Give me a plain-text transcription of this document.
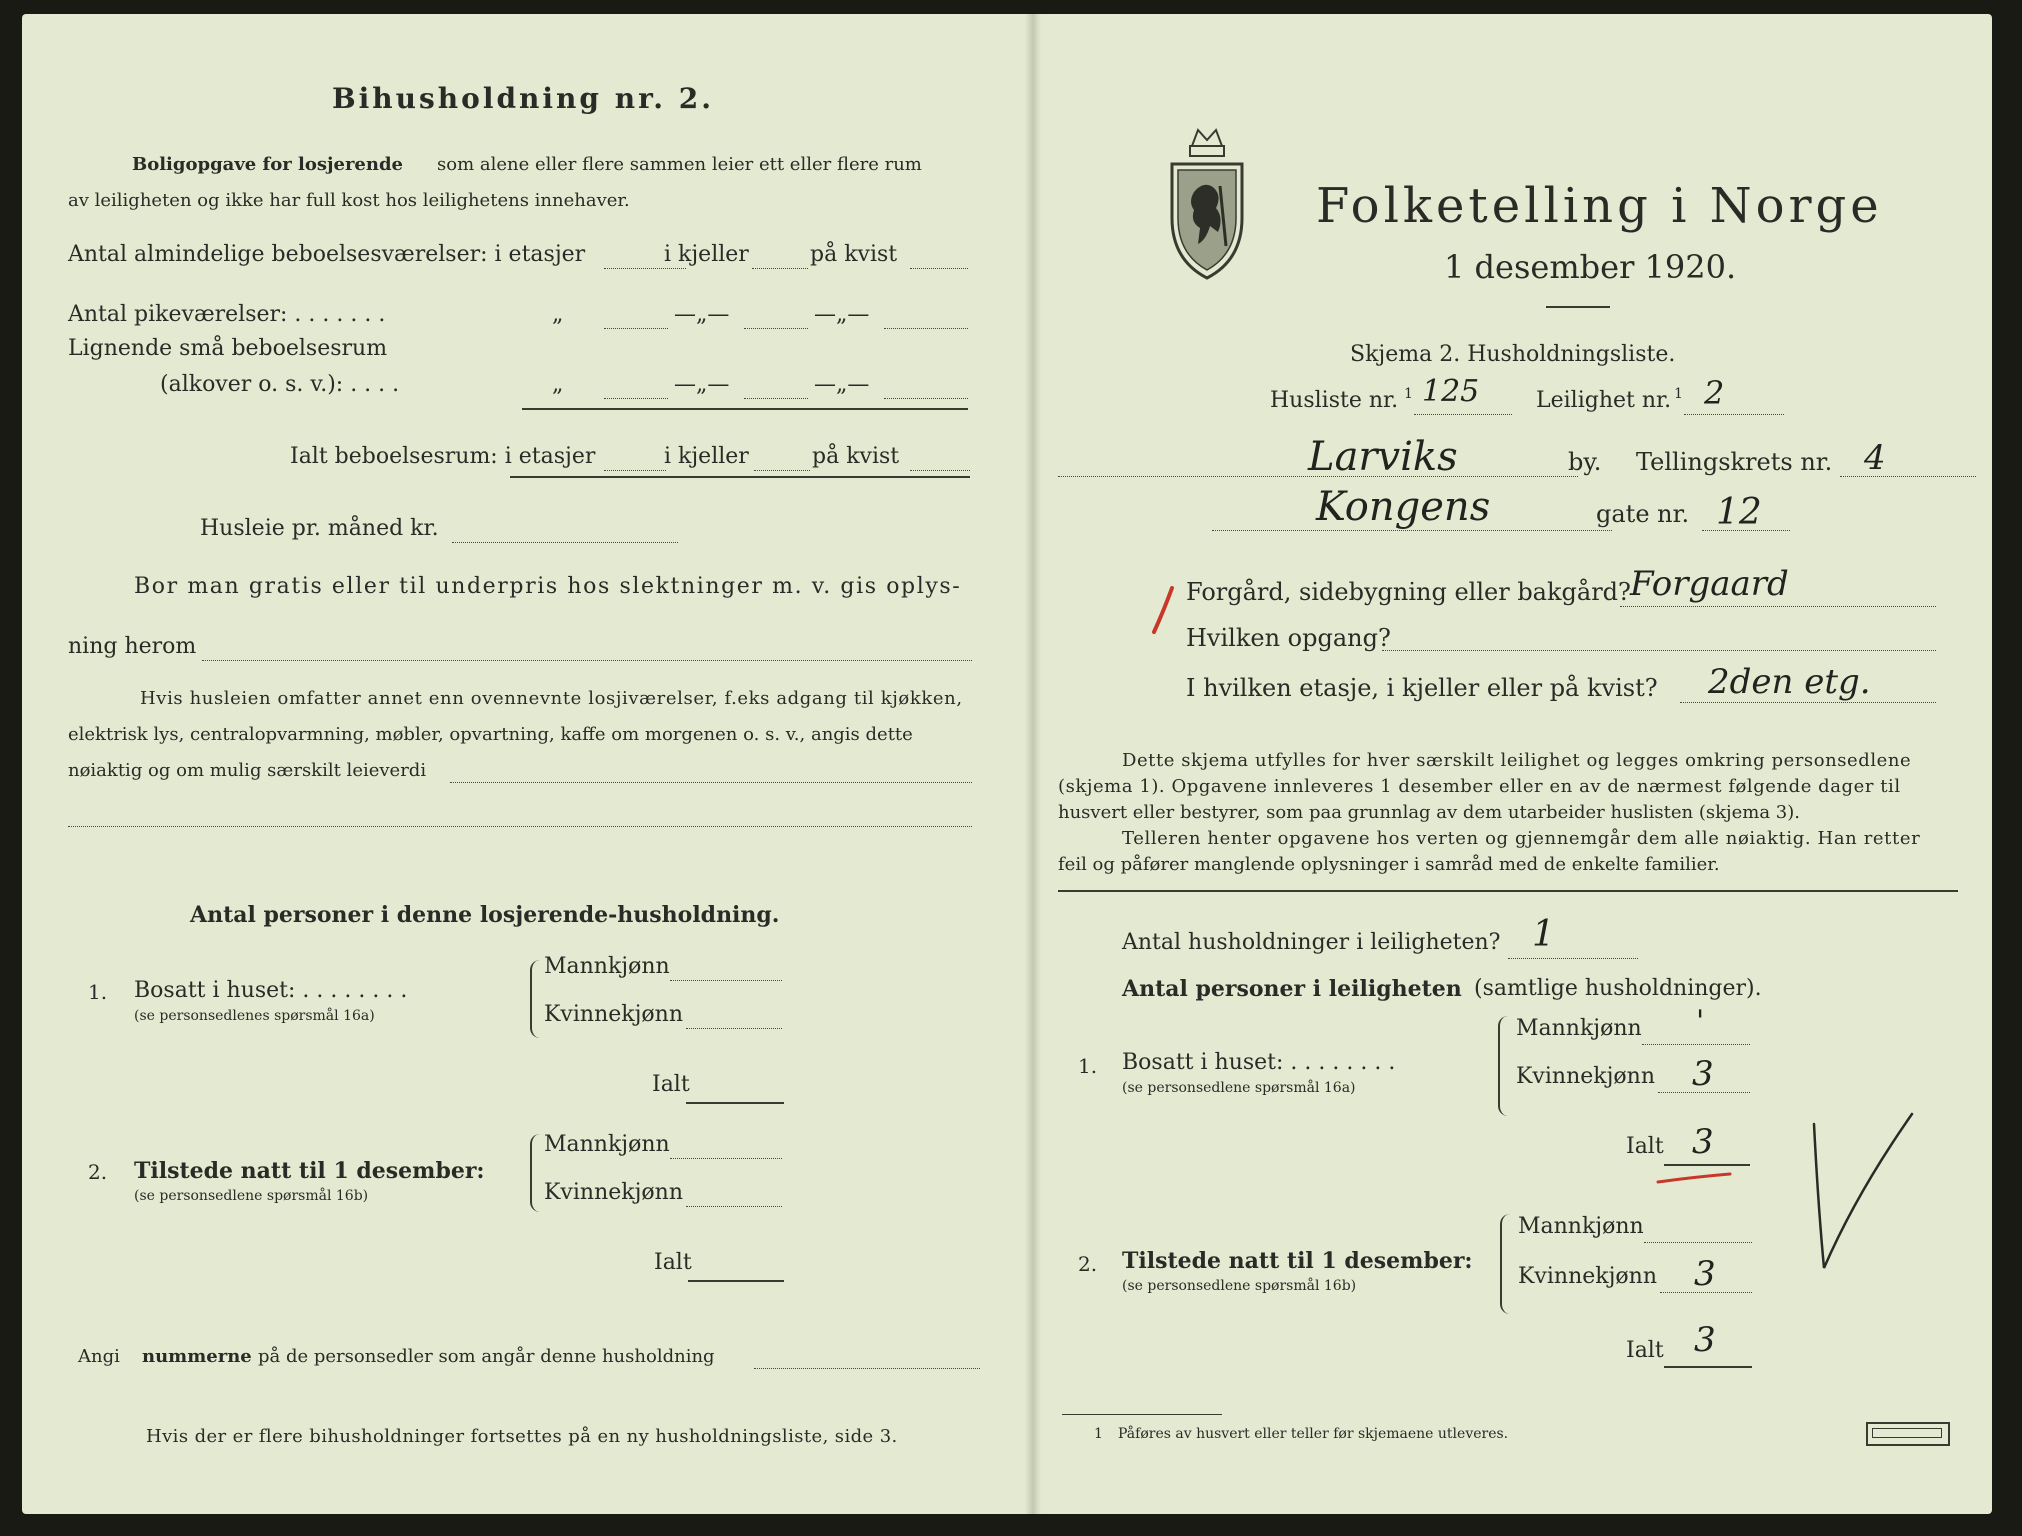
Bihusholdning nr. 2.
Boligopgave for losjerende som alene eller flere sammen leier ett eller flere rum
av leiligheten og ikke har full kost hos leilighetens innehaver.
Antal almindelige beboelsesværelser: i etasjer	i kjeller	på kvist
Antal pikeværelser: . . . . . . .	„	—„—	—„—
Lignende små beboelsesrum
(alkover o. s. v.): . . . .	„	—„—	—„—
Ialt beboelsesrum: i etasjer	i kjeller	på kvist
Husleie pr. måned kr.
Bor man gratis eller til underpris hos slektninger m. v. gis oplys-
ning herom
Hvis husleien omfatter annet enn ovennevnte losjiværelser, f.eks adgang til kjøkken,
elektrisk lys, centralopvarmning, møbler, opvartning, kaffe om morgenen o. s. v., angis dette
nøiaktig og om mulig særskilt leieverdi
Antal personer i denne losjerende-husholdning.
1. Bosatt i huset: . . . . . . . .
(se personsedlenes spørsmål 16a)
Mannkjønn
Kvinnekjønn
Ialt
2. Tilstede natt til 1 desember:
(se personsedlene spørsmål 16b)
Mannkjønn
Kvinnekjønn
Ialt
Angi nummerne på de personsedler som angår denne husholdning
Hvis der er flere bihusholdninger fortsettes på en ny husholdningsliste, side 3.
Folketelling i Norge
1 desember 1920.
Skjema 2. Husholdningsliste.
Husliste nr. 1 125	Leilighet nr. 1 2
Larviks	by. Tellingskrets nr. 4
Kongens	gate nr. 12
Forgård, sidebygning eller bakgård? Forgaard
Hvilken opgang?
I hvilken etasje, i kjeller eller på kvist? 2den etg.
Dette skjema utfylles for hver særskilt leilighet og legges omkring personsedlene
(skjema 1). Opgavene innleveres 1 desember eller en av de nærmest følgende dager til
husvert eller bestyrer, som paa grunnlag av dem utarbeider huslisten (skjema 3).
Telleren henter opgavene hos verten og gjennemgår dem alle nøiaktig. Han retter
feil og påfører manglende oplysninger i samråd med de enkelte familier.
Antal husholdninger i leiligheten? 1
Antal personer i leiligheten (samtlige husholdninger).
1. Bosatt i huset: . . . . . . . .
(se personsedlene spørsmål 16a)
Mannkjønn '
Kvinnekjønn 3
Ialt 3
2. Tilstede natt til 1 desember:
(se personsedlene spørsmål 16b)
Mannkjønn
Kvinnekjønn 3
Ialt 3
1 Påføres av husvert eller teller før skjemaene utleveres.
